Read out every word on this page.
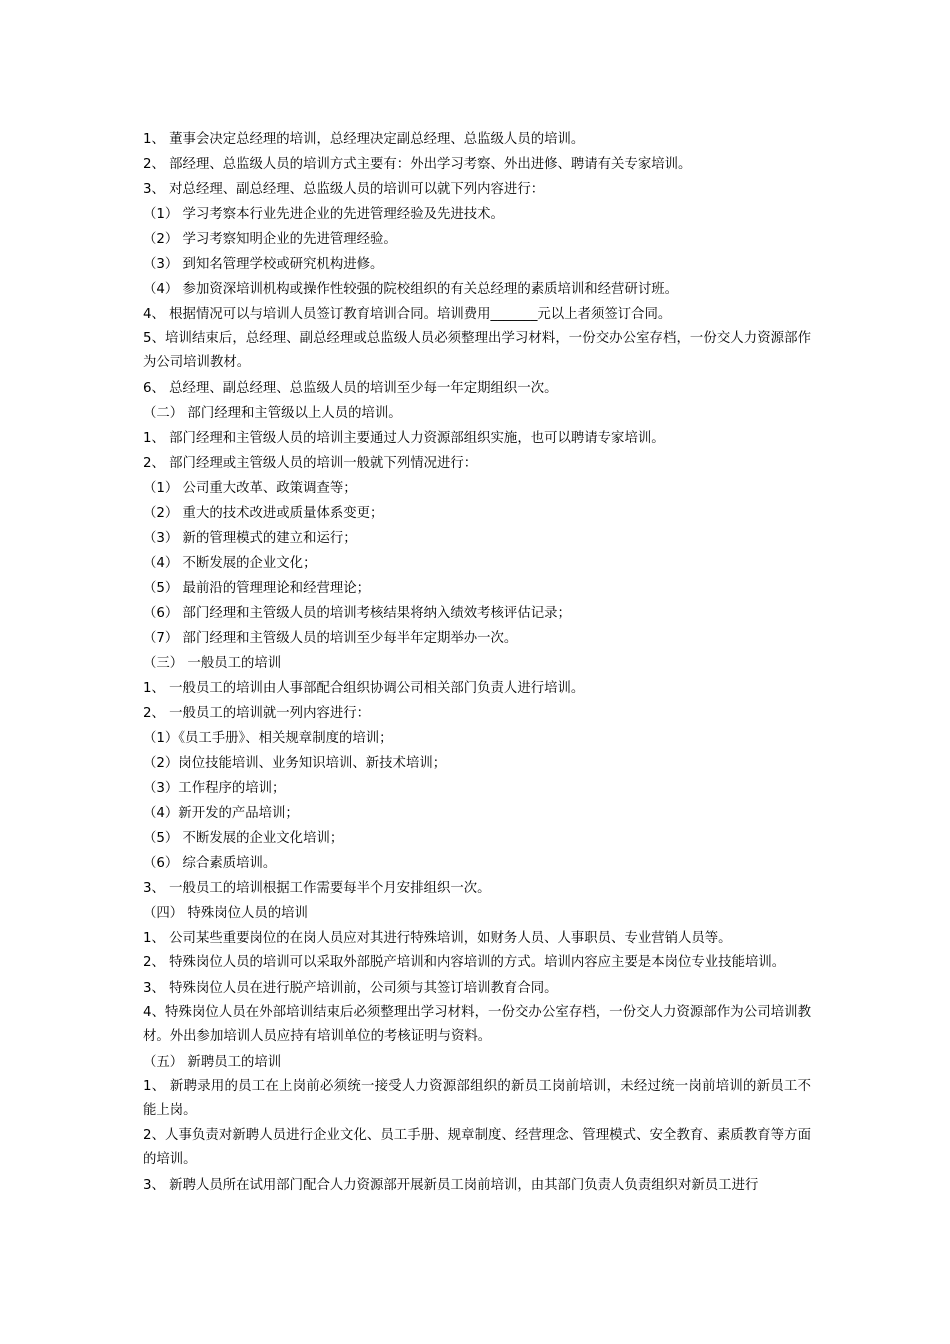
1、 董事会决定总经理的培训，总经理决定副总经理、总监级人员的培训。
2、 部经理、总监级人员的培训方式主要有：外出学习考察、外出进修、聘请有关专家培训。
3、 对总经理、副总经理、总监级人员的培训可以就下列内容进行：
（1） 学习考察本行业先进企业的先进管理经验及先进技术。
（2） 学习考察知明企业的先进管理经验。
（3） 到知名管理学校或研究机构进修。
（4） 参加资深培训机构或操作性较强的院校组织的有关总经理的素质培训和经营研讨班。
4、 根据情况可以与培训人员签订教育培训合同。培训费用_______元以上者须签订合同。
5、培训结束后，总经理、副总经理或总监级人员必须整理出学习材料，一份交办公室存档，一份交人力资源部作为公司培训教材。
6、 总经理、副总经理、总监级人员的培训至少每一年定期组织一次。
（二） 部门经理和主管级以上人员的培训。
1、 部门经理和主管级人员的培训主要通过人力资源部组织实施，也可以聘请专家培训。
2、 部门经理或主管级人员的培训一般就下列情况进行：
（1） 公司重大改革、政策调查等；
（2） 重大的技术改进或质量体系变更；
（3） 新的管理模式的建立和运行；
（4） 不断发展的企业文化；
（5） 最前沿的管理理论和经营理论；
（6） 部门经理和主管级人员的培训考核结果将纳入绩效考核评估记录；
（7） 部门经理和主管级人员的培训至少每半年定期举办一次。
（三） 一般员工的培训
1、 一般员工的培训由人事部配合组织协调公司相关部门负责人进行培训。
2、 一般员工的培训就一列内容进行：
（1）《员工手册》、相关规章制度的培训；
（2）岗位技能培训、业务知识培训、新技术培训；
（3）工作程序的培训；
（4）新开发的产品培训；
（5） 不断发展的企业文化培训；
（6） 综合素质培训。
3、 一般员工的培训根据工作需要每半个月安排组织一次。
（四） 特殊岗位人员的培训
1、 公司某些重要岗位的在岗人员应对其进行特殊培训，如财务人员、人事职员、专业营销人员等。
2、 特殊岗位人员的培训可以采取外部脱产培训和内容培训的方式。培训内容应主要是本岗位专业技能培训。
3、 特殊岗位人员在进行脱产培训前，公司须与其签订培训教育合同。
4、特殊岗位人员在外部培训结束后必须整理出学习材料，一份交办公室存档，一份交人力资源部作为公司培训教材。外出参加培训人员应持有培训单位的考核证明与资料。
（五） 新聘员工的培训
1、 新聘录用的员工在上岗前必须统一接受人力资源部组织的新员工岗前培训，未经过统一岗前培训的新员工不能上岗。
2、人事负责对新聘人员进行企业文化、员工手册、规章制度、经营理念、管理模式、安全教育、素质教育等方面的培训。
3、 新聘人员所在试用部门配合人力资源部开展新员工岗前培训，由其部门负责人负责组织对新员工进行
